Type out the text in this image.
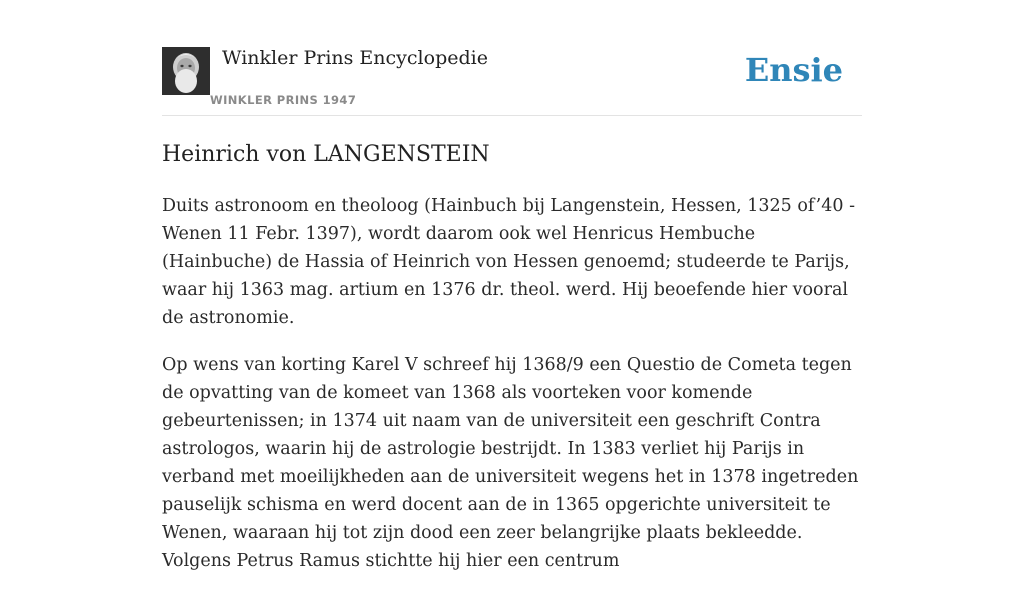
Winkler Prins Encyclopedie
WINKLER PRINS 1947
Ensie
Heinrich von LANGENSTEIN

Duits astronoom en theoloog (Hainbuch bij Langenstein, Hessen, 1325 of’40 - Wenen 11 Febr. 1397), wordt daarom ook wel Henricus Hembuche (Hainbuche) de Hassia of Heinrich von Hessen genoemd; studeerde te Parijs, waar hij 1363 mag. artium en 1376 dr. theol. werd. Hij beoefende hier vooral de astronomie.

Op wens van korting Karel V schreef hij 1368/9 een Questio de Cometa tegen de opvatting van de komeet van 1368 als voorteken voor komende gebeurtenissen; in 1374 uit naam van de universiteit een geschrift Contra astrologos, waarin hij de astrologie bestrijdt. In 1383 verliet hij Parijs in verband met moeilijkheden aan de universiteit wegens het in 1378 ingetreden pauselijk schisma en werd docent aan de in 1365 opgerichte universiteit te Wenen, waaraan hij tot zijn dood een zeer belangrijke plaats bekleedde. Volgens Petrus Ramus stichtte hij hier een centrum
